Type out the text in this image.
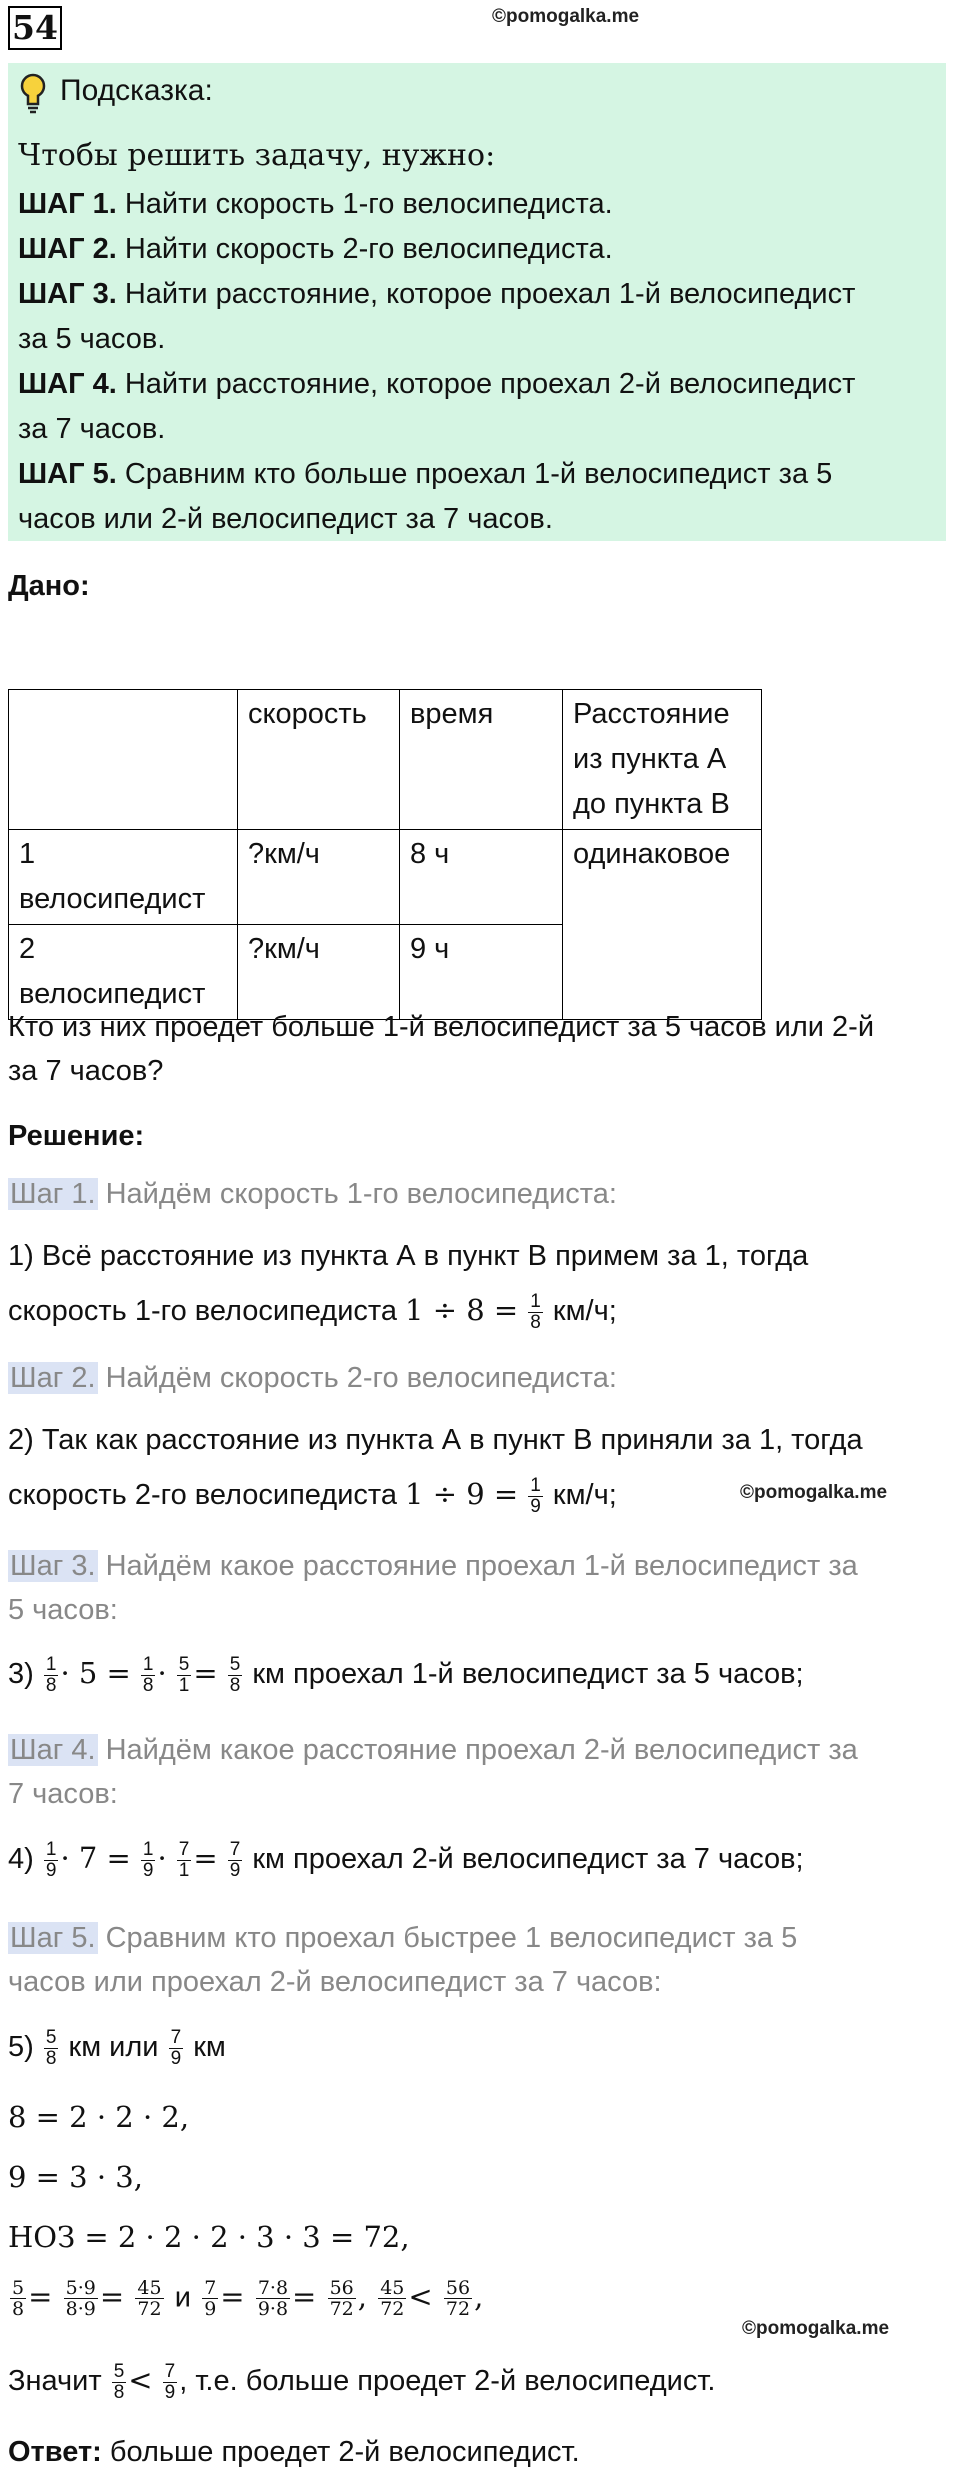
54	©pomogalka.me
Подсказка:
Чтобы решить задачу, нужно:
ШАГ 1. Найти скорость 1-го велосипедиста.
ШАГ 2. Найти скорость 2-го велосипедиста.
ШАГ 3. Найти расстояние, которое проехал 1-й велосипедист
за 5 часов.
ШАГ 4. Найти расстояние, которое проехал 2-й велосипедист
за 7 часов.
ШАГ 5. Сравним кто больше проехал 1-й велосипедист за 5
часов или 2-й велосипедист за 7 часов.
Дано:
	скорость	время	Расстояние
из пункта А
до пункта В

1
велосипедист	?км/ч	8 ч	одинаковое

2
велосипедист	?км/ч	9 ч	
Кто из них проедет больше 1-й велосипедист за 5 часов или 2-й
за 7 часов?
Решение:
Шаг 1. Найдём скорость 1-го велосипедиста:
1) Всё расстояние из пункта А в пункт В примем за 1, тогда
скорость 1-го велосипедиста $1 \div 8 = \frac{1}{8} км/ч$;
Шаг 2. Найдём скорость 2-го велосипедиста:
2) Так как расстояние из пункта А в пункт В приняли за 1, тогда
скорость 2-го велосипедиста $1 \div 9 = \frac{1}{9} км/ч$;	©pomogalka.me
Шаг 3. Найдём какое расстояние проехал 1-й велосипедист за
5 часов:
$3) \frac{1}{8} \cdot 5 = \frac{1}{8} \cdot \frac{5}{1} = \frac{5}{8}$ км проехал 1-й велосипедист за 5 часов;
Шаг 4. Найдём какое расстояние проехал 2-й велосипедист за
7 часов:
$4) \frac{1}{9} \cdot 7 = \frac{1}{9} \cdot \frac{7}{1} = \frac{7}{9}$ км проехал 2-й велосипедист за 7 часов;
Шаг 5. Сравним кто проехал быстрее 1 велосипедист за 5
часов или проехал 2-й велосипедист за 7 часов:
$5) \frac{5}{8}$ км или $\frac{7}{9}$ км
8 = 2 · 2 · 2,
9 = 3 · 3,
НОЗ = 2 · 2 · 2 · 3 · 3 = 72,
$\frac{5}{8} = \frac{5\cdot 9}{8\cdot 9} = \frac{45}{72}$ и $\frac{7}{9} = \frac{7\cdot 8}{9\cdot 8} = \frac{56}{72}$ , $\frac{45}{72} < \frac{56}{72}$ ,
©pomogalka.me
Значит $\frac{5}{8} < \frac{7}{9}$ , т.е. больше проедет 2-й велосипедист.
Ответ: больше проедет 2-й велосипедист.
